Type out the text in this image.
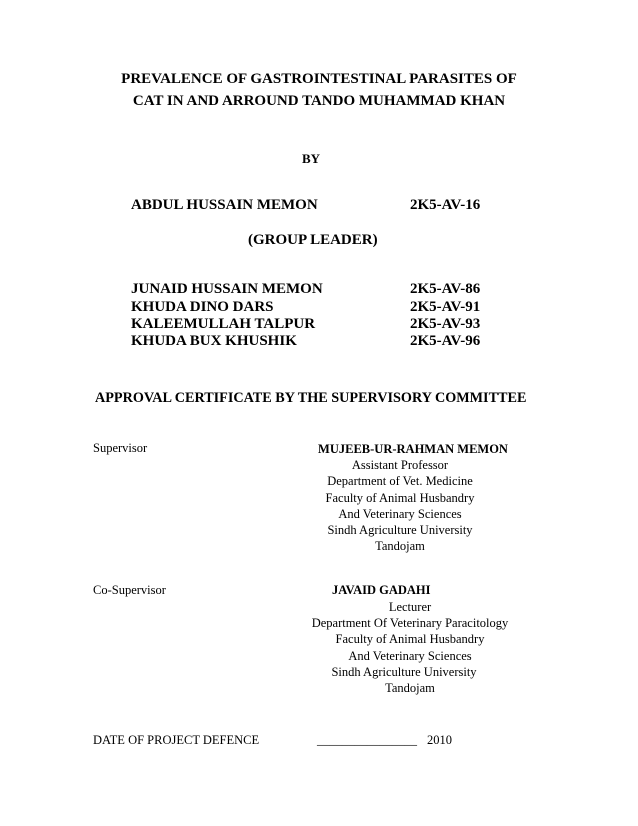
PREVALENCE OF GASTROINTESTINAL PARASITES OF
CAT IN AND ARROUND TANDO MUHAMMAD KHAN
BY
ABDUL HUSSAIN MEMON	2K5-AV-16
(GROUP LEADER)
JUNAID HUSSAIN MEMON	2K5-AV-86
KHUDA DINO DARS	2K5-AV-91
KALEEMULLAH TALPUR	2K5-AV-93
KHUDA BUX KHUSHIK	2K5-AV-96
APPROVAL CERTIFICATE BY THE SUPERVISORY COMMITTEE
Supervisor	MUJEEB-UR-RAHMAN MEMON
Assistant Professor
Department of Vet. Medicine
Faculty of Animal Husbandry
And Veterinary Sciences
Sindh Agriculture University
Tandojam
Co-Supervisor	JAVAID GADAHI
Lecturer
Department Of Veterinary Paracitology
Faculty of Animal Husbandry
And Veterinary Sciences
Sindh Agriculture University
Tandojam
DATE OF PROJECT DEFENCE	________________ 2010
